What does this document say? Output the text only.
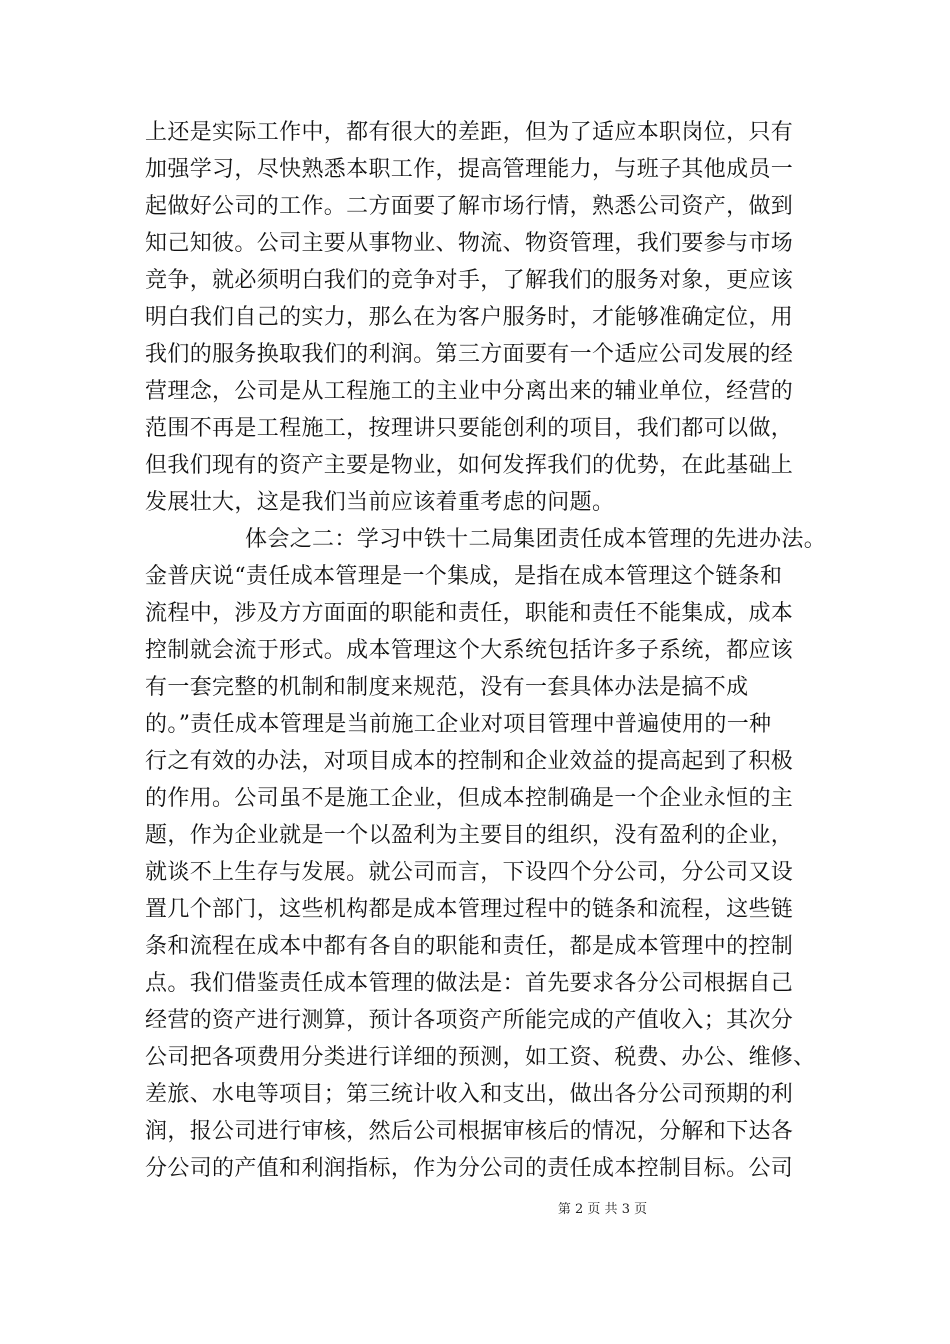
上还是实际工作中，都有很大的差距，但为了适应本职岗位，只有
加强学习，尽快熟悉本职工作，提高管理能力，与班子其他成员一
起做好公司的工作。二方面要了解市场行情，熟悉公司资产，做到
知己知彼。公司主要从事物业、物流、物资管理，我们要参与市场
竞争，就必须明白我们的竞争对手，了解我们的服务对象，更应该
明白我们自己的实力，那么在为客户服务时，才能够准确定位，用
我们的服务换取我们的利润。第三方面要有一个适应公司发展的经
营理念，公司是从工程施工的主业中分离出来的辅业单位，经营的
范围不再是工程施工，按理讲只要能创利的项目，我们都可以做，
但我们现有的资产主要是物业，如何发挥我们的优势，在此基础上
发展壮大，这是我们当前应该着重考虑的问题。
体会之二：学习中铁十二局集团责任成本管理的先进办法。
金普庆说“责任成本管理是一个集成，是指在成本管理这个链条和
流程中，涉及方方面面的职能和责任，职能和责任不能集成，成本
控制就会流于形式。成本管理这个大系统包括许多子系统，都应该
有一套完整的机制和制度来规范，没有一套具体办法是搞不成
的。”责任成本管理是当前施工企业对项目管理中普遍使用的一种
行之有效的办法，对项目成本的控制和企业效益的提高起到了积极
的作用。公司虽不是施工企业，但成本控制确是一个企业永恒的主
题，作为企业就是一个以盈利为主要目的组织，没有盈利的企业，
就谈不上生存与发展。就公司而言，下设四个分公司，分公司又设
置几个部门，这些机构都是成本管理过程中的链条和流程，这些链
条和流程在成本中都有各自的职能和责任，都是成本管理中的控制
点。我们借鉴责任成本管理的做法是：首先要求各分公司根据自己
经营的资产进行测算，预计各项资产所能完成的产值收入；其次分
公司把各项费用分类进行详细的预测，如工资、税费、办公、维修、
差旅、水电等项目；第三统计收入和支出，做出各分公司预期的利
润，报公司进行审核，然后公司根据审核后的情况，分解和下达各
分公司的产值和利润指标，作为分公司的责任成本控制目标。公司
第 2 页 共 3 页
